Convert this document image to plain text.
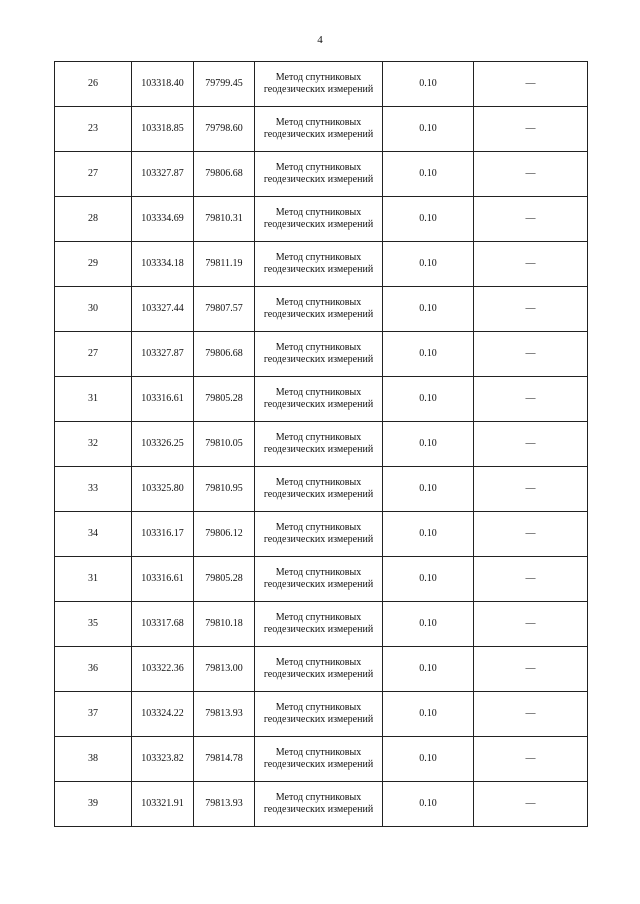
4
26	103318.40	79799.45	Метод спутниковых
геодезических измерений	0.10	—
23	103318.85	79798.60	Метод спутниковых
геодезических измерений	0.10	—
27	103327.87	79806.68	Метод спутниковых
геодезических измерений	0.10	—
28	103334.69	79810.31	Метод спутниковых
геодезических измерений	0.10	—
29	103334.18	79811.19	Метод спутниковых
геодезических измерений	0.10	—
30	103327.44	79807.57	Метод спутниковых
геодезических измерений	0.10	—
27	103327.87	79806.68	Метод спутниковых
геодезических измерений	0.10	—
31	103316.61	79805.28	Метод спутниковых
геодезических измерений	0.10	—
32	103326.25	79810.05	Метод спутниковых
геодезических измерений	0.10	—
33	103325.80	79810.95	Метод спутниковых
геодезических измерений	0.10	—
34	103316.17	79806.12	Метод спутниковых
геодезических измерений	0.10	—
31	103316.61	79805.28	Метод спутниковых
геодезических измерений	0.10	—
35	103317.68	79810.18	Метод спутниковых
геодезических измерений	0.10	—
36	103322.36	79813.00	Метод спутниковых
геодезических измерений	0.10	—
37	103324.22	79813.93	Метод спутниковых
геодезических измерений	0.10	—
38	103323.82	79814.78	Метод спутниковых
геодезических измерений	0.10	—
39	103321.91	79813.93	Метод спутниковых
геодезических измерений	0.10	—
